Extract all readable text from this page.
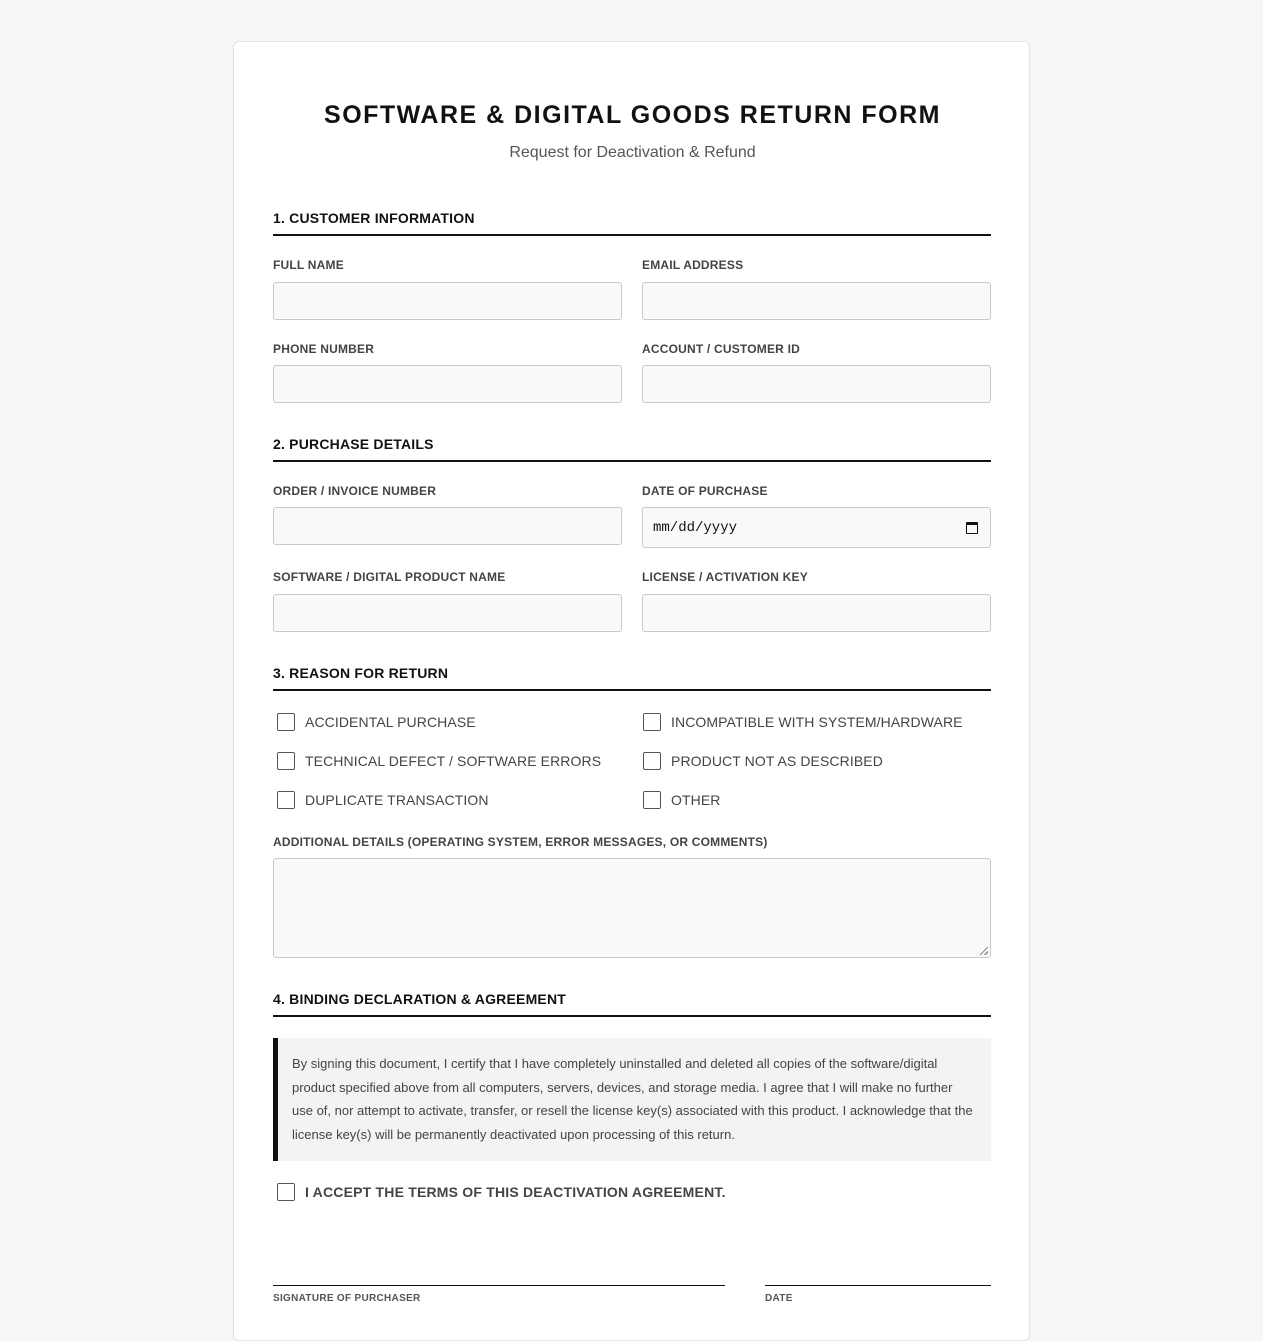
SOFTWARE & DIGITAL GOODS RETURN FORM

Request for Deactivation & Refund

1. CUSTOMER INFORMATION
FULL NAME	EMAIL ADDRESS
PHONE NUMBER	ACCOUNT / CUSTOMER ID
2. PURCHASE DETAILS
ORDER / INVOICE NUMBER	DATE OF PURCHASE
mm/dd/yyyy
SOFTWARE / DIGITAL PRODUCT NAME	LICENSE / ACTIVATION KEY
3. REASON FOR RETURN
ACCIDENTAL PURCHASE	INCOMPATIBLE WITH SYSTEM/HARDWARE
TECHNICAL DEFECT / SOFTWARE ERRORS	PRODUCT NOT AS DESCRIBED
DUPLICATE TRANSACTION	OTHER
ADDITIONAL DETAILS (OPERATING SYSTEM, ERROR MESSAGES, OR COMMENTS)
4. BINDING DECLARATION & AGREEMENT
By signing this document, I certify that I have completely uninstalled and deleted all copies of the software/digital product specified above from all computers, servers, devices, and storage media. I agree that I will make no further use of, nor attempt to activate, transfer, or resell the license key(s) associated with this product. I acknowledge that the license key(s) will be permanently deactivated upon processing of this return.
I ACCEPT THE TERMS OF THIS DEACTIVATION AGREEMENT.
SIGNATURE OF PURCHASER	DATE
